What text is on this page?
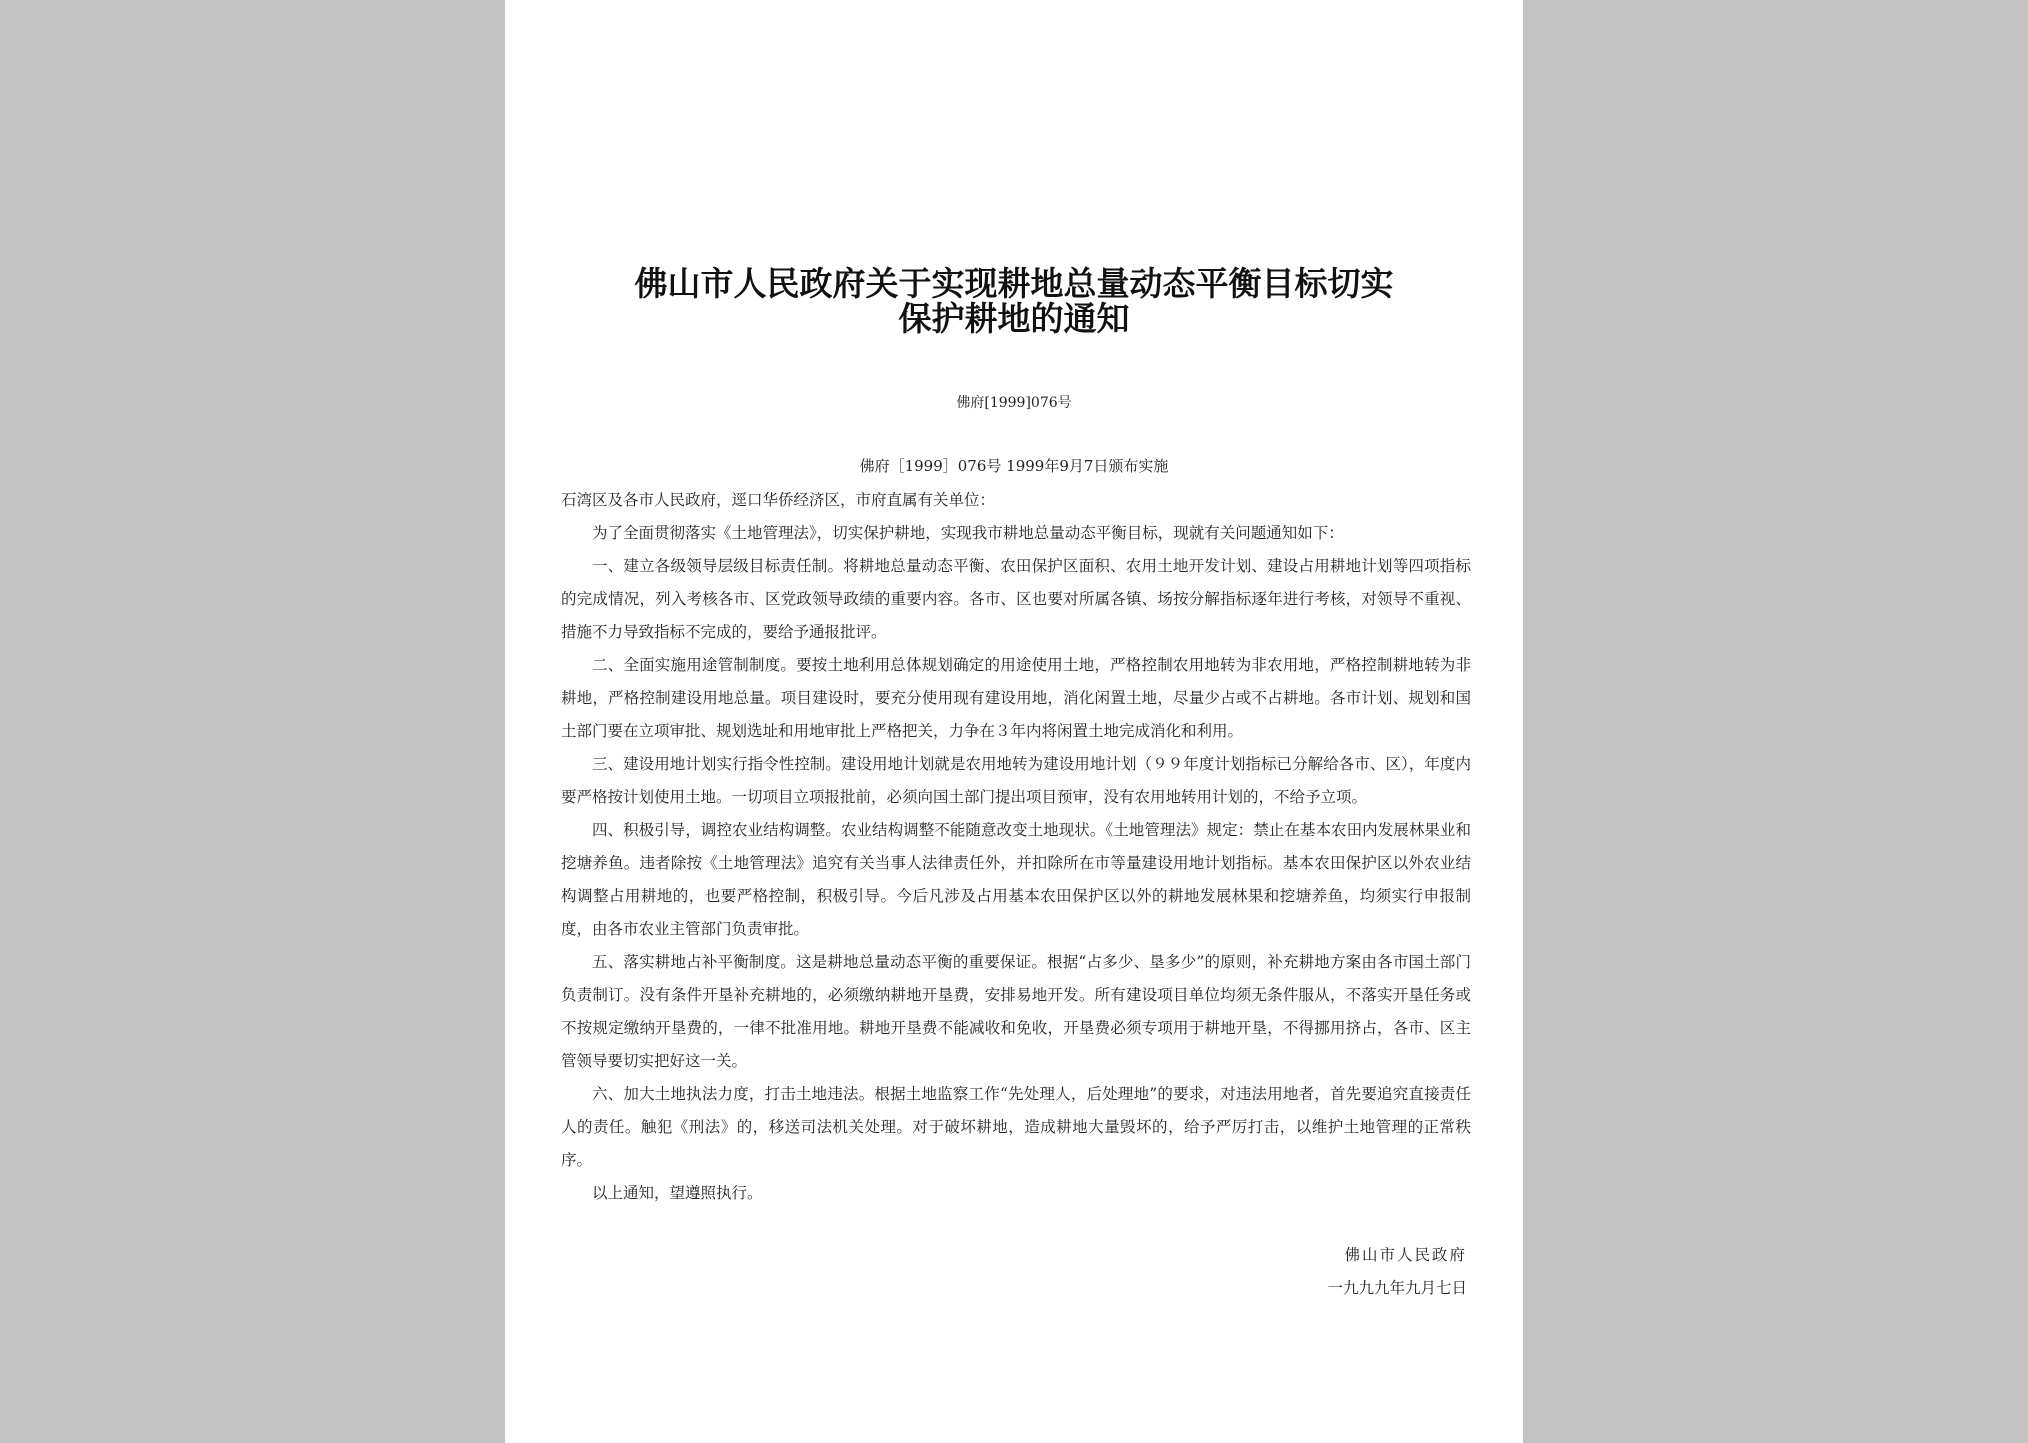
佛山市人民政府关于实现耕地总量动态平衡目标切实
保护耕地的通知
佛府[1999]076号
佛府［1999］076号 1999年9月7日颁布实施

石湾区及各市人民政府，逕口华侨经济区，市府直属有关单位：

为了全面贯彻落实《土地管理法》，切实保护耕地，实现我市耕地总量动态平衡目标，现就有关问题通知如下：

一、建立各级领导层级目标责任制。将耕地总量动态平衡、农田保护区面积、农用土地开发计划、建设占用耕地计划等四项指标的完成情况，列入考核各市、区党政领导政绩的重要内容。各市、区也要对所属各镇、场按分解指标逐年进行考核，对领导不重视、措施不力导致指标不完成的，要给予通报批评。

二、全面实施用途管制制度。要按土地利用总体规划确定的用途使用土地，严格控制农用地转为非农用地，严格控制耕地转为非耕地，严格控制建设用地总量。项目建设时，要充分使用现有建设用地，消化闲置土地，尽量少占或不占耕地。各市计划、规划和国土部门要在立项审批、规划选址和用地审批上严格把关，力争在３年内将闲置土地完成消化和利用。

三、建设用地计划实行指令性控制。建设用地计划就是农用地转为建设用地计划（９９年度计划指标已分解给各市、区），年度内要严格按计划使用土地。一切项目立项报批前，必须向国土部门提出项目预审，没有农用地转用计划的，不给予立项。

四、积极引导，调控农业结构调整。农业结构调整不能随意改变土地现状。《土地管理法》规定：禁止在基本农田内发展林果业和挖塘养鱼。违者除按《土地管理法》追究有关当事人法律责任外，并扣除所在市等量建设用地计划指标。基本农田保护区以外农业结构调整占用耕地的，也要严格控制，积极引导。今后凡涉及占用基本农田保护区以外的耕地发展林果和挖塘养鱼，均须实行申报制度，由各市农业主管部门负责审批。

五、落实耕地占补平衡制度。这是耕地总量动态平衡的重要保证。根据“占多少、垦多少”的原则，补充耕地方案由各市国土部门负责制订。没有条件开垦补充耕地的，必须缴纳耕地开垦费，安排易地开发。所有建设项目单位均须无条件服从，不落实开垦任务或不按规定缴纳开垦费的，一律不批准用地。耕地开垦费不能减收和免收，开垦费必须专项用于耕地开垦，不得挪用挤占，各市、区主管领导要切实把好这一关。

六、加大土地执法力度，打击土地违法。根据土地监察工作“先处理人，后处理地”的要求，对违法用地者，首先要追究直接责任人的责任。触犯《刑法》的，移送司法机关处理。对于破坏耕地，造成耕地大量毁坏的，给予严厉打击，以维护土地管理的正常秩序。

以上通知，望遵照执行。

佛山市人民政府
一九九九年九月七日
